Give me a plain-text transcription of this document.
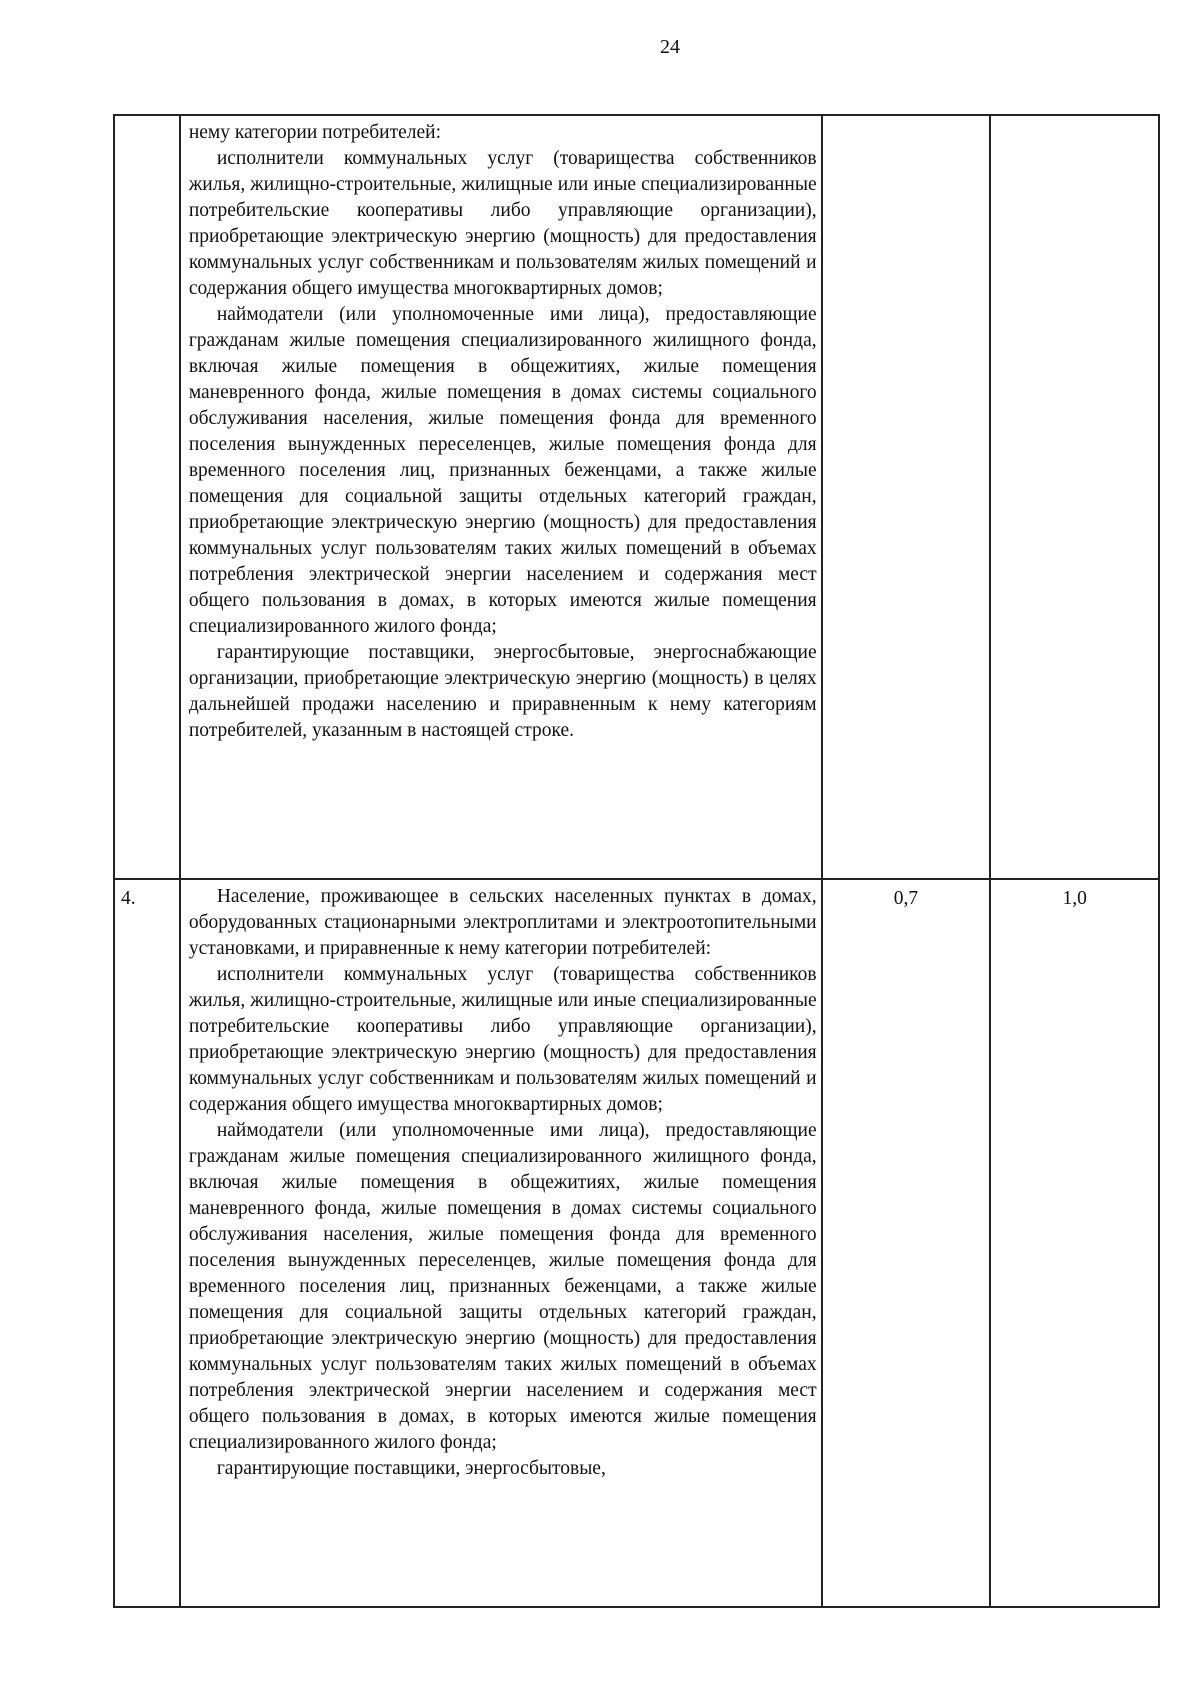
24

	нему категории потребителей:

исполнители коммунальных услуг (товарищества собственников жилья, жилищно-строительные, жилищные или иные специализированные потребительские кооперативы либо управляющие организации), приобретающие электрическую энергию (мощность) для предоставления коммунальных услуг собственникам и пользователям жилых помещений и содержания общего имущества многоквартирных домов;

наймодатели (или уполномоченные ими лица), предоставляющие гражданам жилые помещения специализированного жилищного фонда, включая жилые помещения в общежитиях, жилые помещения маневренного фонда, жилые помещения в домах системы социального обслуживания населения, жилые помещения фонда для временного поселения вынужденных переселенцев, жилые помещения фонда для временного поселения лиц, признанных беженцами, а также жилые помещения для социальной защиты отдельных категорий граждан, приобретающие электрическую энергию (мощность) для предоставления коммунальных услуг пользователям таких жилых помещений в объемах потребления электрической энергии населением и содержания мест общего пользования в домах, в которых имеются жилые помещения специализированного жилого фонда;

гарантирующие поставщики, энергосбытовые, энергоснабжающие организации, приобретающие электрическую энергию (мощность) в целях дальнейшей продажи населению и приравненным к нему категориям потребителей, указанным в настоящей строке.		

4.	Население, проживающее в сельских населенных пунктах в домах, оборудованных стационарными электроплитами и электроотопительными установками, и приравненные к нему категории потребителей:

исполнители коммунальных услуг (товарищества собственников жилья, жилищно-строительные, жилищные или иные специализированные потребительские кооперативы либо управляющие организации), приобретающие электрическую энергию (мощность) для предоставления коммунальных услуг собственникам и пользователям жилых помещений и содержания общего имущества многоквартирных домов;

наймодатели (или уполномоченные ими лица), предоставляющие гражданам жилые помещения специализированного жилищного фонда, включая жилые помещения в общежитиях, жилые помещения маневренного фонда, жилые помещения в домах системы социального обслуживания населения, жилые помещения фонда для временного поселения вынужденных переселенцев, жилые помещения фонда для временного поселения лиц, признанных беженцами, а также жилые помещения для социальной защиты отдельных категорий граждан, приобретающие электрическую энергию (мощность) для предоставления коммунальных услуг пользователям таких жилых помещений в объемах потребления электрической энергии населением и содержания мест общего пользования в домах, в которых имеются жилые помещения специализированного жилого фонда;

гарантирующие поставщики, энергосбытовые,	0,7	1,0
